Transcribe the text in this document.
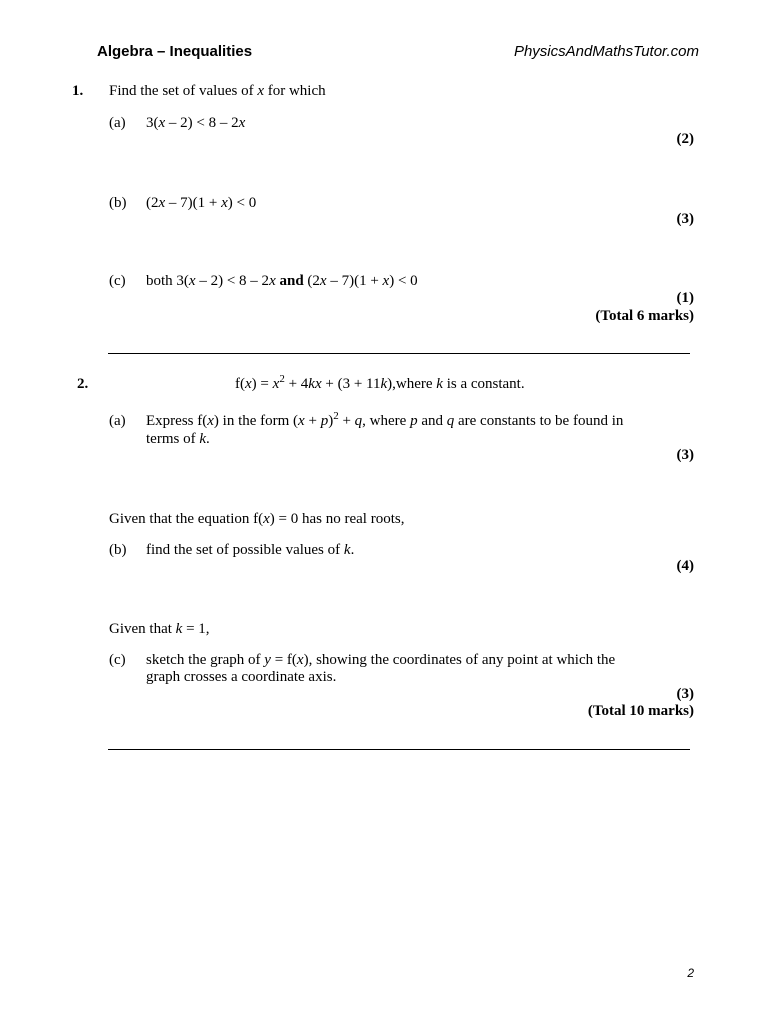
Algebra – Inequalities	PhysicsAndMathsTutor.com
1. Find the set of values of x for which
(a) 3(x – 2) < 8 – 2x
(2)
(b) (2x – 7)(1 + x) < 0
(3)
(c) both 3(x – 2) < 8 – 2x and (2x – 7)(1 + x) < 0
(1)
(Total 6 marks)
2.	$f(x) = x^2 + 4kx + (3$ + 11k),where k is a constant.
(a) Express f(x) in the form $(x + p)^2 + q$, where p and q are constants to be found in
terms of k.
(3)
Given that the equation f(x) = 0 has no real roots,
(b) find the set of possible values of k.
(4)
Given that k = 1,
(c) sketch the graph of y = f(x), showing the coordinates of any point at which the
graph crosses a coordinate axis.
(3)
(Total 10 marks)
2
